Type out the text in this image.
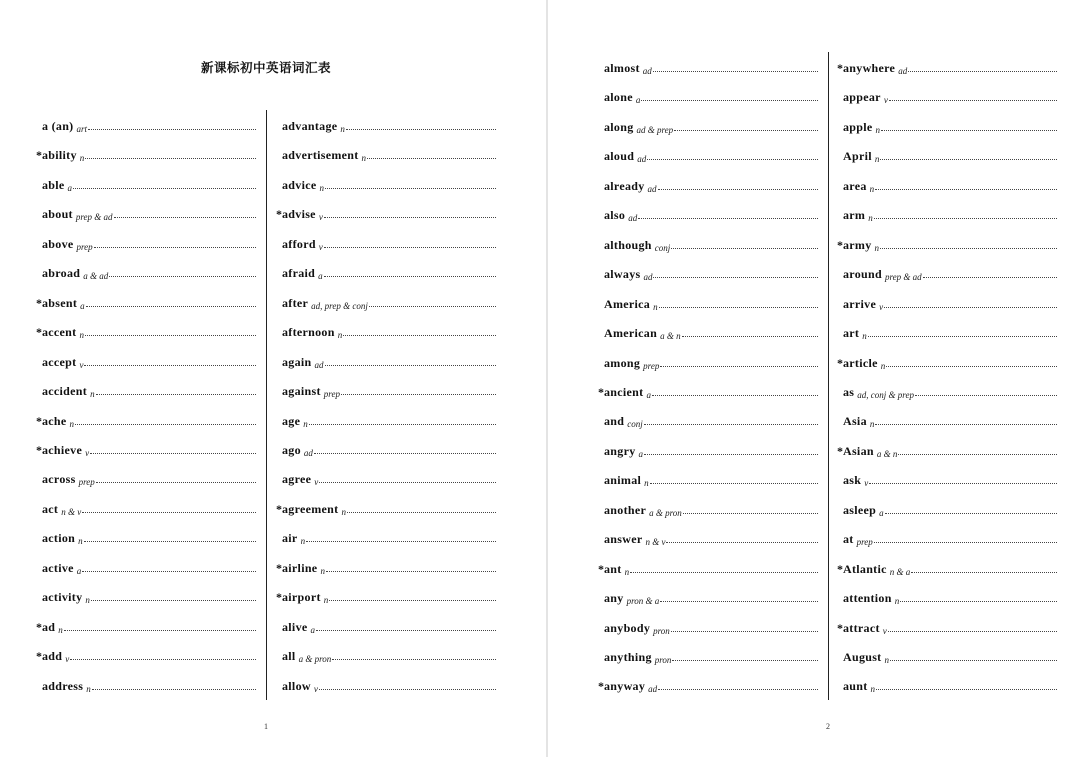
新课标初中英语词汇表
a (an) art
* ability n
able a
about prep & ad
above prep
abroad a & ad
* absent a
* accent n
accept v
accident n
* ache n
* achieve v
across prep
act n & v
action n
active a
activity n
* ad n
* add v
address n
advantage n
advertisement n
advice n
* advise v
afford v
afraid a
after ad, prep & conj
afternoon n
again ad
against prep
age n
ago ad
agree v
* agreement n
air n
* airline n
* airport n
alive a
all a & pron
allow v
1
almost ad
alone a
along ad & prep
aloud ad
already ad
also ad
although conj
always ad
America n
American a & n
among prep
* ancient a
and conj
angry a
animal n
another a & pron
answer n & v
* ant n
any pron & a
anybody pron
anything pron
* anyway ad
* anywhere ad
appear v
apple n
April n
area n
arm n
* army n
around prep & ad
arrive v
art n
* article n
as ad, conj & prep
Asia n
* Asian a & n
ask v
asleep a
at prep
* Atlantic n & a
attention n
* attract v
August n
aunt n
2
